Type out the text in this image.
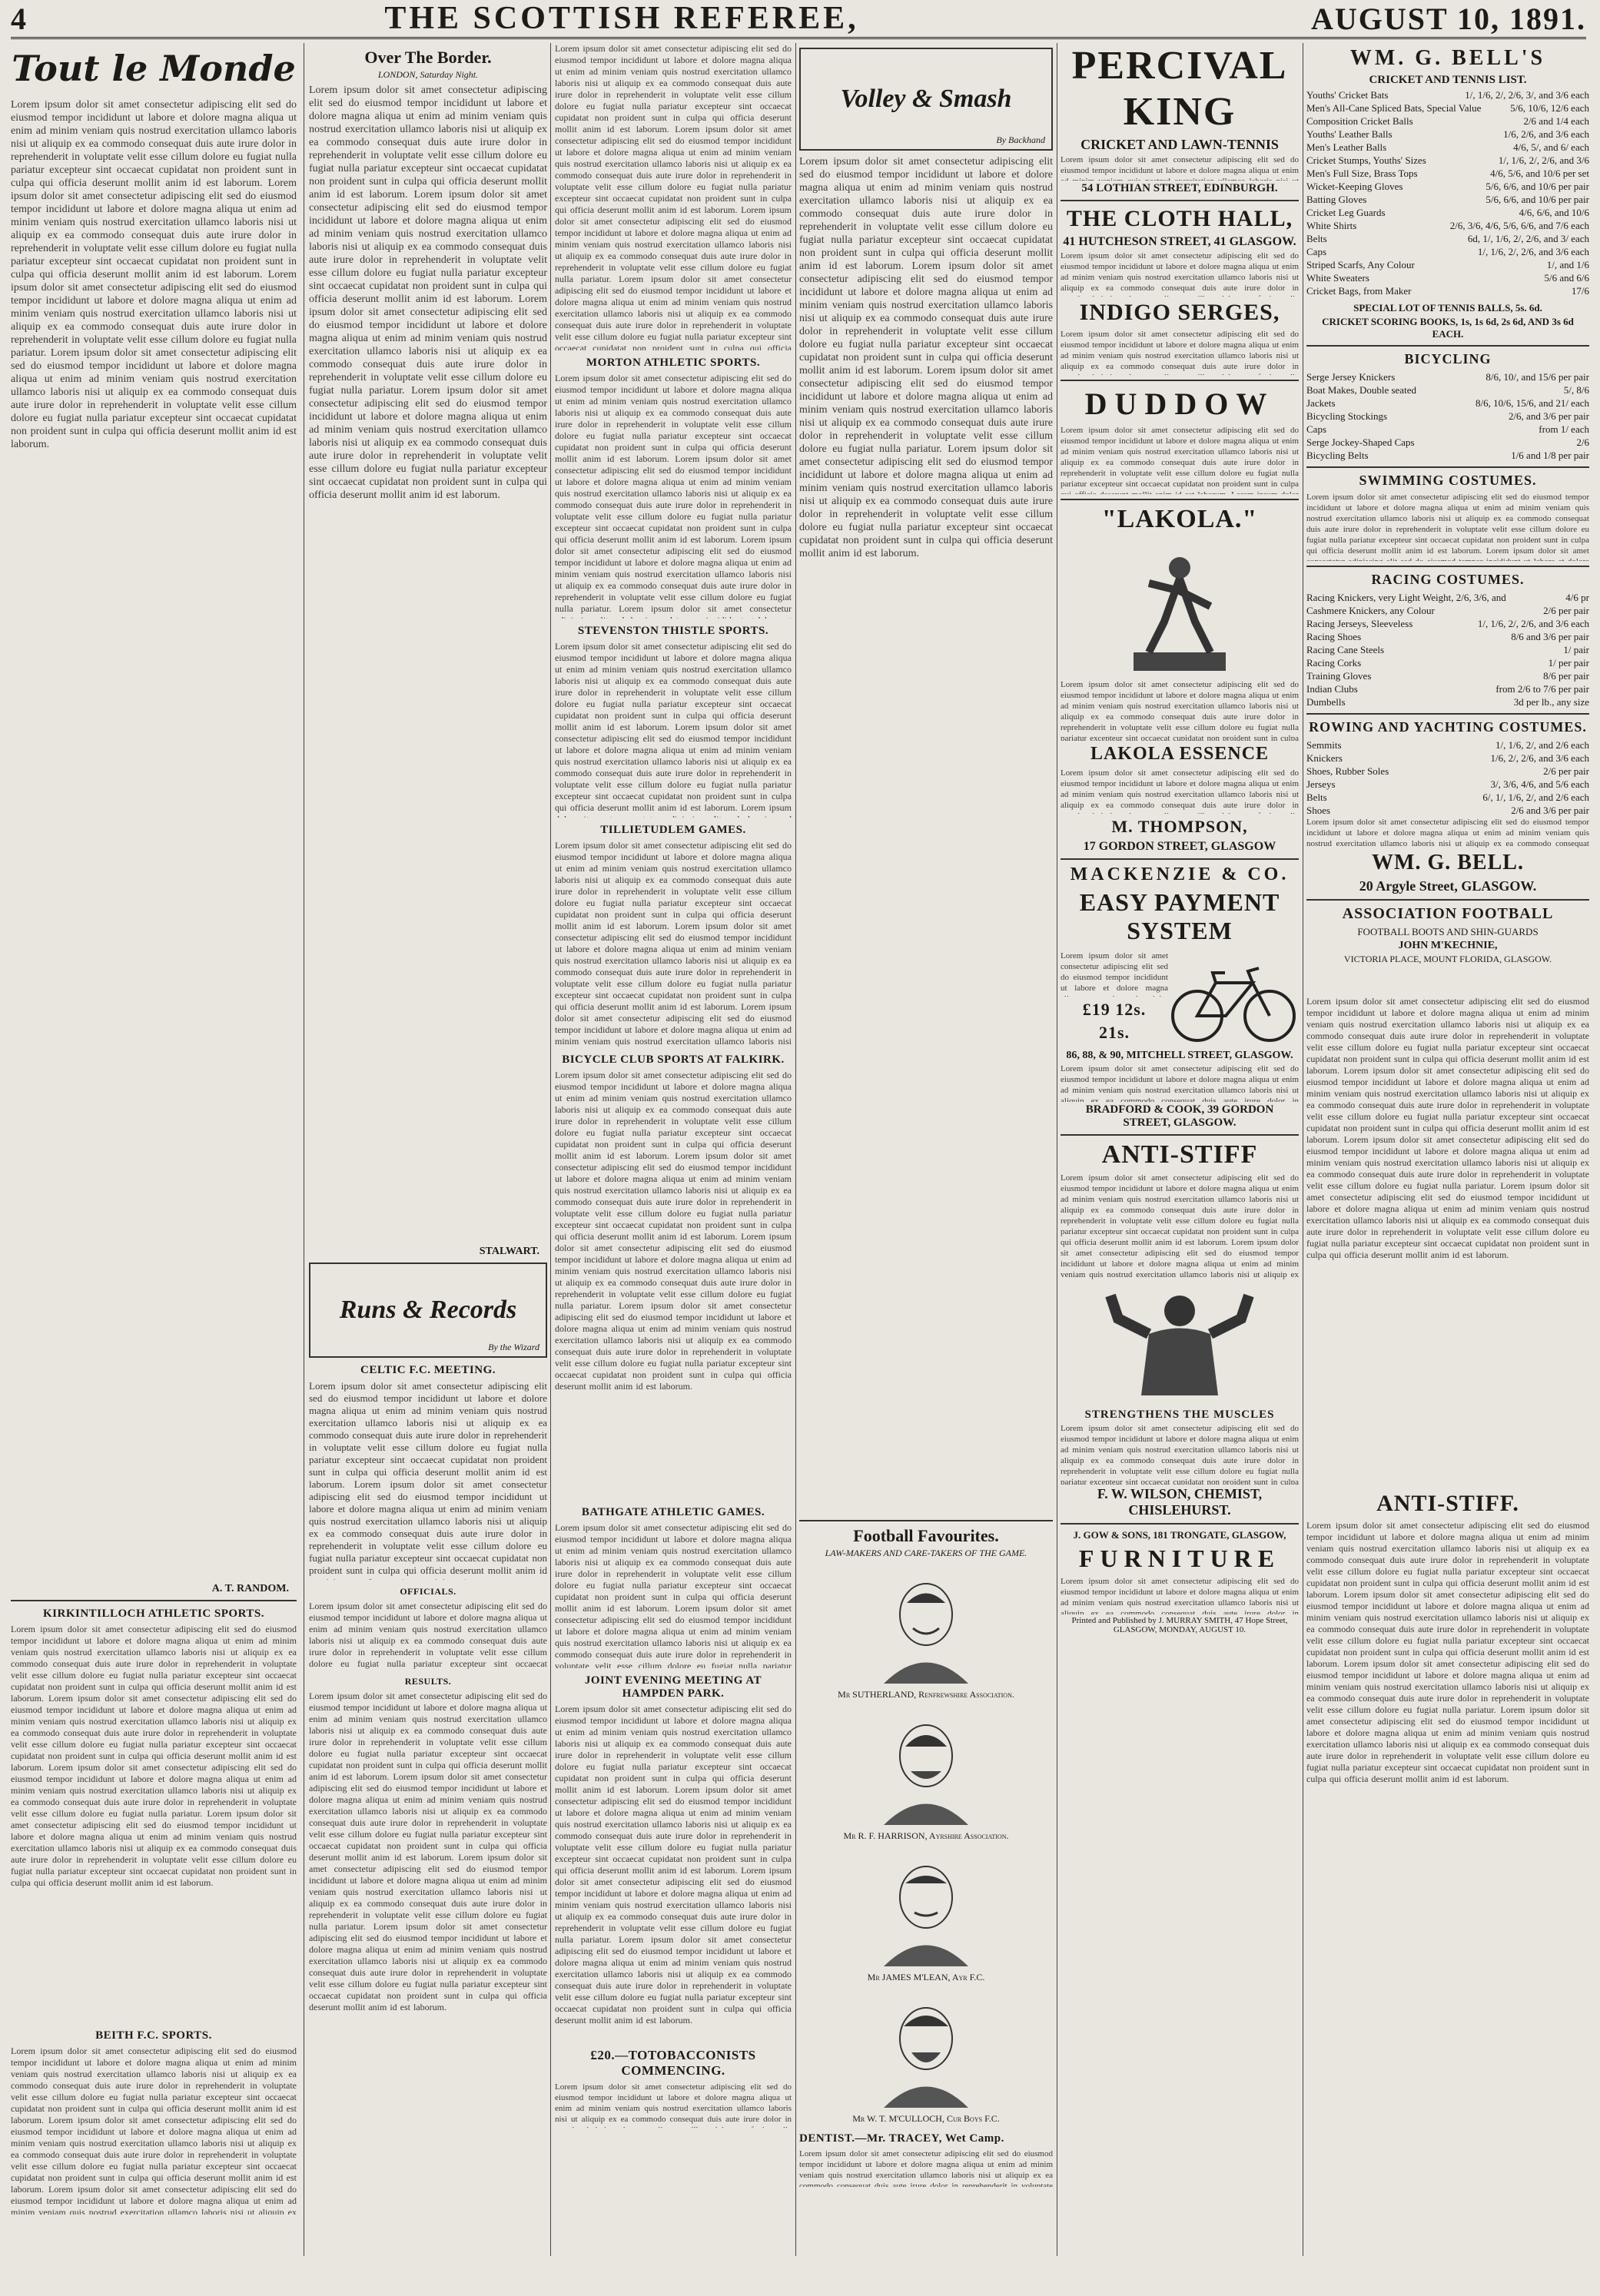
4	THE SCOTTISH REFEREE,	AUGUST 10, 1891.
Tout le Monde
Lorem ipsum dolor sit amet consectetur adipiscing elit sed do eiusmod tempor incididunt ut labore et dolore magna aliqua ut enim ad minim veniam quis nostrud exercitation ullamco laboris nisi ut aliquip ex ea commodo consequat duis aute irure dolor in reprehenderit in voluptate velit esse cillum dolore eu fugiat nulla pariatur excepteur sint occaecat cupidatat non proident sunt in culpa qui officia deserunt mollit anim id est laborum. Lorem ipsum dolor sit amet consectetur adipiscing elit sed do eiusmod tempor incididunt ut labore et dolore magna aliqua ut enim ad minim veniam quis nostrud exercitation ullamco laboris nisi ut aliquip ex ea commodo consequat duis aute irure dolor in reprehenderit in voluptate velit esse cillum dolore eu fugiat nulla pariatur excepteur sint occaecat cupidatat non proident sunt in culpa qui officia deserunt mollit anim id est laborum. Lorem ipsum dolor sit amet consectetur adipiscing elit sed do eiusmod tempor incididunt ut labore et dolore magna aliqua ut enim ad minim veniam quis nostrud exercitation ullamco laboris nisi ut aliquip ex ea commodo consequat duis aute irure dolor in reprehenderit in voluptate velit esse cillum dolore eu fugiat nulla pariatur. Lorem ipsum dolor sit amet consectetur adipiscing elit sed do eiusmod tempor incididunt ut labore et dolore magna aliqua ut enim ad minim veniam quis nostrud exercitation ullamco laboris nisi ut aliquip ex ea commodo consequat duis aute irure dolor in reprehenderit in voluptate velit esse cillum dolore eu fugiat nulla pariatur excepteur sint occaecat cupidatat non proident sunt in culpa qui officia deserunt mollit anim id est laborum.
A. T. RANDOM.
KIRKINTILLOCH ATHLETIC SPORTS.
Lorem ipsum dolor sit amet consectetur adipiscing elit sed do eiusmod tempor incididunt ut labore et dolore magna aliqua ut enim ad minim veniam quis nostrud exercitation ullamco laboris nisi ut aliquip ex ea commodo consequat duis aute irure dolor in reprehenderit in voluptate velit esse cillum dolore eu fugiat nulla pariatur excepteur sint occaecat cupidatat non proident sunt in culpa qui officia deserunt mollit anim id est laborum. Lorem ipsum dolor sit amet consectetur adipiscing elit sed do eiusmod tempor incididunt ut labore et dolore magna aliqua ut enim ad minim veniam quis nostrud exercitation ullamco laboris nisi ut aliquip ex ea commodo consequat duis aute irure dolor in reprehenderit in voluptate velit esse cillum dolore eu fugiat nulla pariatur excepteur sint occaecat cupidatat non proident sunt in culpa qui officia deserunt mollit anim id est laborum. Lorem ipsum dolor sit amet consectetur adipiscing elit sed do eiusmod tempor incididunt ut labore et dolore magna aliqua ut enim ad minim veniam quis nostrud exercitation ullamco laboris nisi ut aliquip ex ea commodo consequat duis aute irure dolor in reprehenderit in voluptate velit esse cillum dolore eu fugiat nulla pariatur. Lorem ipsum dolor sit amet consectetur adipiscing elit sed do eiusmod tempor incididunt ut labore et dolore magna aliqua ut enim ad minim veniam quis nostrud exercitation ullamco laboris nisi ut aliquip ex ea commodo consequat duis aute irure dolor in reprehenderit in voluptate velit esse cillum dolore eu fugiat nulla pariatur excepteur sint occaecat cupidatat non proident sunt in culpa qui officia deserunt mollit anim id est laborum.
BEITH F.C. SPORTS.
Lorem ipsum dolor sit amet consectetur adipiscing elit sed do eiusmod tempor incididunt ut labore et dolore magna aliqua ut enim ad minim veniam quis nostrud exercitation ullamco laboris nisi ut aliquip ex ea commodo consequat duis aute irure dolor in reprehenderit in voluptate velit esse cillum dolore eu fugiat nulla pariatur excepteur sint occaecat cupidatat non proident sunt in culpa qui officia deserunt mollit anim id est laborum. Lorem ipsum dolor sit amet consectetur adipiscing elit sed do eiusmod tempor incididunt ut labore et dolore magna aliqua ut enim ad minim veniam quis nostrud exercitation ullamco laboris nisi ut aliquip ex ea commodo consequat duis aute irure dolor in reprehenderit in voluptate velit esse cillum dolore eu fugiat nulla pariatur excepteur sint occaecat cupidatat non proident sunt in culpa qui officia deserunt mollit anim id est laborum. Lorem ipsum dolor sit amet consectetur adipiscing elit sed do eiusmod tempor incididunt ut labore et dolore magna aliqua ut enim ad minim veniam quis nostrud exercitation ullamco laboris nisi ut aliquip ex ea commodo consequat duis aute irure dolor in reprehenderit in voluptate velit esse cillum dolore eu fugiat nulla pariatur. Lorem ipsum dolor sit amet consectetur adipiscing elit sed do eiusmod tempor incididunt ut labore et dolore magna aliqua ut enim ad minim veniam quis nostrud exercitation ullamco laboris nisi ut aliquip ex ea commodo consequat duis aute irure dolor in reprehenderit in voluptate velit esse cillum dolore eu fugiat nulla pariatur excepteur sint occaecat cupidatat non proident sunt in culpa qui officia deserunt mollit anim id est laborum.
Over The Border.
LONDON, Saturday Night.
Lorem ipsum dolor sit amet consectetur adipiscing elit sed do eiusmod tempor incididunt ut labore et dolore magna aliqua ut enim ad minim veniam quis nostrud exercitation ullamco laboris nisi ut aliquip ex ea commodo consequat duis aute irure dolor in reprehenderit in voluptate velit esse cillum dolore eu fugiat nulla pariatur excepteur sint occaecat cupidatat non proident sunt in culpa qui officia deserunt mollit anim id est laborum. Lorem ipsum dolor sit amet consectetur adipiscing elit sed do eiusmod tempor incididunt ut labore et dolore magna aliqua ut enim ad minim veniam quis nostrud exercitation ullamco laboris nisi ut aliquip ex ea commodo consequat duis aute irure dolor in reprehenderit in voluptate velit esse cillum dolore eu fugiat nulla pariatur excepteur sint occaecat cupidatat non proident sunt in culpa qui officia deserunt mollit anim id est laborum. Lorem ipsum dolor sit amet consectetur adipiscing elit sed do eiusmod tempor incididunt ut labore et dolore magna aliqua ut enim ad minim veniam quis nostrud exercitation ullamco laboris nisi ut aliquip ex ea commodo consequat duis aute irure dolor in reprehenderit in voluptate velit esse cillum dolore eu fugiat nulla pariatur. Lorem ipsum dolor sit amet consectetur adipiscing elit sed do eiusmod tempor incididunt ut labore et dolore magna aliqua ut enim ad minim veniam quis nostrud exercitation ullamco laboris nisi ut aliquip ex ea commodo consequat duis aute irure dolor in reprehenderit in voluptate velit esse cillum dolore eu fugiat nulla pariatur excepteur sint occaecat cupidatat non proident sunt in culpa qui officia deserunt mollit anim id est laborum.
STALWART.
Runs & Records
By the Wizard
CELTIC F.C. MEETING.
Lorem ipsum dolor sit amet consectetur adipiscing elit sed do eiusmod tempor incididunt ut labore et dolore magna aliqua ut enim ad minim veniam quis nostrud exercitation ullamco laboris nisi ut aliquip ex ea commodo consequat duis aute irure dolor in reprehenderit in voluptate velit esse cillum dolore eu fugiat nulla pariatur excepteur sint occaecat cupidatat non proident sunt in culpa qui officia deserunt mollit anim id est laborum. Lorem ipsum dolor sit amet consectetur adipiscing elit sed do eiusmod tempor incididunt ut labore et dolore magna aliqua ut enim ad minim veniam quis nostrud exercitation ullamco laboris nisi ut aliquip ex ea commodo consequat duis aute irure dolor in reprehenderit in voluptate velit esse cillum dolore eu fugiat nulla pariatur excepteur sint occaecat cupidatat non proident sunt in culpa qui officia deserunt mollit anim id est laborum. Lorem ipsum dolor sit amet consectetur adipiscing elit sed do eiusmod tempor incididunt ut labore et dolore magna aliqua ut enim ad minim veniam quis nostrud exercitation ullamco laboris nisi ut aliquip ex ea commodo consequat duis aute irure dolor in reprehenderit in voluptate velit esse cillum dolore eu fugiat nulla pariatur. Lorem ipsum dolor sit amet consectetur adipiscing elit sed do eiusmod tempor incididunt ut labore et dolore magna aliqua ut enim ad minim veniam quis nostrud exercitation ullamco laboris nisi ut aliquip ex ea commodo consequat duis aute irure dolor in reprehenderit in voluptate velit esse cillum dolore eu fugiat nulla pariatur excepteur sint occaecat cupidatat non proident sunt in culpa qui officia deserunt mollit anim id est laborum.
OFFICIALS.
Lorem ipsum dolor sit amet consectetur adipiscing elit sed do eiusmod tempor incididunt ut labore et dolore magna aliqua ut enim ad minim veniam quis nostrud exercitation ullamco laboris nisi ut aliquip ex ea commodo consequat duis aute irure dolor in reprehenderit in voluptate velit esse cillum dolore eu fugiat nulla pariatur excepteur sint occaecat cupidatat non proident sunt in culpa qui officia deserunt mollit anim id est laborum. Lorem ipsum dolor sit amet consectetur adipiscing elit sed do eiusmod tempor incididunt ut labore et dolore magna aliqua ut enim ad minim veniam quis nostrud exercitation ullamco laboris nisi ut aliquip ex ea commodo consequat duis aute irure dolor in reprehenderit in voluptate velit esse cillum dolore eu fugiat nulla pariatur excepteur sint occaecat cupidatat non proident sunt in culpa qui officia deserunt mollit anim id est laborum. Lorem ipsum dolor sit amet consectetur adipiscing elit sed do eiusmod tempor incididunt ut labore et dolore magna aliqua ut enim ad minim veniam quis nostrud exercitation ullamco laboris nisi ut aliquip ex ea commodo consequat duis aute irure dolor in reprehenderit in voluptate velit esse cillum dolore eu fugiat nulla pariatur. Lorem ipsum dolor sit amet consectetur adipiscing elit sed do eiusmod tempor incididunt ut labore et dolore magna aliqua ut enim ad minim veniam quis nostrud exercitation ullamco laboris nisi ut aliquip ex ea commodo consequat duis aute irure dolor in reprehenderit in voluptate velit esse cillum dolore eu fugiat nulla pariatur excepteur sint occaecat cupidatat non proident sunt in culpa qui officia deserunt mollit anim id est laborum.
RESULTS.
Lorem ipsum dolor sit amet consectetur adipiscing elit sed do eiusmod tempor incididunt ut labore et dolore magna aliqua ut enim ad minim veniam quis nostrud exercitation ullamco laboris nisi ut aliquip ex ea commodo consequat duis aute irure dolor in reprehenderit in voluptate velit esse cillum dolore eu fugiat nulla pariatur excepteur sint occaecat cupidatat non proident sunt in culpa qui officia deserunt mollit anim id est laborum. Lorem ipsum dolor sit amet consectetur adipiscing elit sed do eiusmod tempor incididunt ut labore et dolore magna aliqua ut enim ad minim veniam quis nostrud exercitation ullamco laboris nisi ut aliquip ex ea commodo consequat duis aute irure dolor in reprehenderit in voluptate velit esse cillum dolore eu fugiat nulla pariatur excepteur sint occaecat cupidatat non proident sunt in culpa qui officia deserunt mollit anim id est laborum. Lorem ipsum dolor sit amet consectetur adipiscing elit sed do eiusmod tempor incididunt ut labore et dolore magna aliqua ut enim ad minim veniam quis nostrud exercitation ullamco laboris nisi ut aliquip ex ea commodo consequat duis aute irure dolor in reprehenderit in voluptate velit esse cillum dolore eu fugiat nulla pariatur. Lorem ipsum dolor sit amet consectetur adipiscing elit sed do eiusmod tempor incididunt ut labore et dolore magna aliqua ut enim ad minim veniam quis nostrud exercitation ullamco laboris nisi ut aliquip ex ea commodo consequat duis aute irure dolor in reprehenderit in voluptate velit esse cillum dolore eu fugiat nulla pariatur excepteur sint occaecat cupidatat non proident sunt in culpa qui officia deserunt mollit anim id est laborum.
Lorem ipsum dolor sit amet consectetur adipiscing elit sed do eiusmod tempor incididunt ut labore et dolore magna aliqua ut enim ad minim veniam quis nostrud exercitation ullamco laboris nisi ut aliquip ex ea commodo consequat duis aute irure dolor in reprehenderit in voluptate velit esse cillum dolore eu fugiat nulla pariatur excepteur sint occaecat cupidatat non proident sunt in culpa qui officia deserunt mollit anim id est laborum. Lorem ipsum dolor sit amet consectetur adipiscing elit sed do eiusmod tempor incididunt ut labore et dolore magna aliqua ut enim ad minim veniam quis nostrud exercitation ullamco laboris nisi ut aliquip ex ea commodo consequat duis aute irure dolor in reprehenderit in voluptate velit esse cillum dolore eu fugiat nulla pariatur excepteur sint occaecat cupidatat non proident sunt in culpa qui officia deserunt mollit anim id est laborum. Lorem ipsum dolor sit amet consectetur adipiscing elit sed do eiusmod tempor incididunt ut labore et dolore magna aliqua ut enim ad minim veniam quis nostrud exercitation ullamco laboris nisi ut aliquip ex ea commodo consequat duis aute irure dolor in reprehenderit in voluptate velit esse cillum dolore eu fugiat nulla pariatur. Lorem ipsum dolor sit amet consectetur adipiscing elit sed do eiusmod tempor incididunt ut labore et dolore magna aliqua ut enim ad minim veniam quis nostrud exercitation ullamco laboris nisi ut aliquip ex ea commodo consequat duis aute irure dolor in reprehenderit in voluptate velit esse cillum dolore eu fugiat nulla pariatur excepteur sint occaecat cupidatat non proident sunt in culpa qui officia deserunt mollit anim id est laborum.
MORTON ATHLETIC SPORTS.
Lorem ipsum dolor sit amet consectetur adipiscing elit sed do eiusmod tempor incididunt ut labore et dolore magna aliqua ut enim ad minim veniam quis nostrud exercitation ullamco laboris nisi ut aliquip ex ea commodo consequat duis aute irure dolor in reprehenderit in voluptate velit esse cillum dolore eu fugiat nulla pariatur excepteur sint occaecat cupidatat non proident sunt in culpa qui officia deserunt mollit anim id est laborum. Lorem ipsum dolor sit amet consectetur adipiscing elit sed do eiusmod tempor incididunt ut labore et dolore magna aliqua ut enim ad minim veniam quis nostrud exercitation ullamco laboris nisi ut aliquip ex ea commodo consequat duis aute irure dolor in reprehenderit in voluptate velit esse cillum dolore eu fugiat nulla pariatur excepteur sint occaecat cupidatat non proident sunt in culpa qui officia deserunt mollit anim id est laborum. Lorem ipsum dolor sit amet consectetur adipiscing elit sed do eiusmod tempor incididunt ut labore et dolore magna aliqua ut enim ad minim veniam quis nostrud exercitation ullamco laboris nisi ut aliquip ex ea commodo consequat duis aute irure dolor in reprehenderit in voluptate velit esse cillum dolore eu fugiat nulla pariatur. Lorem ipsum dolor sit amet consectetur adipiscing elit sed do eiusmod tempor incididunt ut labore et dolore magna aliqua ut enim ad minim veniam quis nostrud exercitation ullamco laboris nisi ut aliquip ex ea commodo consequat duis aute irure dolor in reprehenderit in voluptate velit esse cillum dolore eu fugiat nulla pariatur excepteur sint occaecat cupidatat non proident sunt in culpa qui officia deserunt mollit anim id est laborum.
STEVENSTON THISTLE SPORTS.
Lorem ipsum dolor sit amet consectetur adipiscing elit sed do eiusmod tempor incididunt ut labore et dolore magna aliqua ut enim ad minim veniam quis nostrud exercitation ullamco laboris nisi ut aliquip ex ea commodo consequat duis aute irure dolor in reprehenderit in voluptate velit esse cillum dolore eu fugiat nulla pariatur excepteur sint occaecat cupidatat non proident sunt in culpa qui officia deserunt mollit anim id est laborum. Lorem ipsum dolor sit amet consectetur adipiscing elit sed do eiusmod tempor incididunt ut labore et dolore magna aliqua ut enim ad minim veniam quis nostrud exercitation ullamco laboris nisi ut aliquip ex ea commodo consequat duis aute irure dolor in reprehenderit in voluptate velit esse cillum dolore eu fugiat nulla pariatur excepteur sint occaecat cupidatat non proident sunt in culpa qui officia deserunt mollit anim id est laborum. Lorem ipsum dolor sit amet consectetur adipiscing elit sed do eiusmod tempor incididunt ut labore et dolore magna aliqua ut enim ad minim veniam quis nostrud exercitation ullamco laboris nisi ut aliquip ex ea commodo consequat duis aute irure dolor in reprehenderit in voluptate velit esse cillum dolore eu fugiat nulla pariatur. Lorem ipsum dolor sit amet consectetur adipiscing elit sed do eiusmod tempor incididunt ut labore et dolore magna aliqua ut enim ad minim veniam quis nostrud exercitation ullamco laboris nisi ut aliquip ex ea commodo consequat duis aute irure dolor in reprehenderit in voluptate velit esse cillum dolore eu fugiat nulla pariatur excepteur sint occaecat cupidatat non proident sunt in culpa qui officia deserunt mollit anim id est laborum.
TILLIETUDLEM GAMES.
Lorem ipsum dolor sit amet consectetur adipiscing elit sed do eiusmod tempor incididunt ut labore et dolore magna aliqua ut enim ad minim veniam quis nostrud exercitation ullamco laboris nisi ut aliquip ex ea commodo consequat duis aute irure dolor in reprehenderit in voluptate velit esse cillum dolore eu fugiat nulla pariatur excepteur sint occaecat cupidatat non proident sunt in culpa qui officia deserunt mollit anim id est laborum. Lorem ipsum dolor sit amet consectetur adipiscing elit sed do eiusmod tempor incididunt ut labore et dolore magna aliqua ut enim ad minim veniam quis nostrud exercitation ullamco laboris nisi ut aliquip ex ea commodo consequat duis aute irure dolor in reprehenderit in voluptate velit esse cillum dolore eu fugiat nulla pariatur excepteur sint occaecat cupidatat non proident sunt in culpa qui officia deserunt mollit anim id est laborum. Lorem ipsum dolor sit amet consectetur adipiscing elit sed do eiusmod tempor incididunt ut labore et dolore magna aliqua ut enim ad minim veniam quis nostrud exercitation ullamco laboris nisi ut aliquip ex ea commodo consequat duis aute irure dolor in reprehenderit in voluptate velit esse cillum dolore eu fugiat nulla pariatur. Lorem ipsum dolor sit amet consectetur adipiscing elit sed do eiusmod tempor incididunt ut labore et dolore magna aliqua ut enim ad minim veniam quis nostrud exercitation ullamco laboris nisi ut aliquip ex ea commodo consequat duis aute irure dolor in reprehenderit in voluptate velit esse cillum dolore eu fugiat nulla pariatur excepteur sint occaecat cupidatat non proident sunt in culpa qui officia deserunt mollit anim id est laborum.
BICYCLE CLUB SPORTS AT FALKIRK.
Lorem ipsum dolor sit amet consectetur adipiscing elit sed do eiusmod tempor incididunt ut labore et dolore magna aliqua ut enim ad minim veniam quis nostrud exercitation ullamco laboris nisi ut aliquip ex ea commodo consequat duis aute irure dolor in reprehenderit in voluptate velit esse cillum dolore eu fugiat nulla pariatur excepteur sint occaecat cupidatat non proident sunt in culpa qui officia deserunt mollit anim id est laborum. Lorem ipsum dolor sit amet consectetur adipiscing elit sed do eiusmod tempor incididunt ut labore et dolore magna aliqua ut enim ad minim veniam quis nostrud exercitation ullamco laboris nisi ut aliquip ex ea commodo consequat duis aute irure dolor in reprehenderit in voluptate velit esse cillum dolore eu fugiat nulla pariatur excepteur sint occaecat cupidatat non proident sunt in culpa qui officia deserunt mollit anim id est laborum. Lorem ipsum dolor sit amet consectetur adipiscing elit sed do eiusmod tempor incididunt ut labore et dolore magna aliqua ut enim ad minim veniam quis nostrud exercitation ullamco laboris nisi ut aliquip ex ea commodo consequat duis aute irure dolor in reprehenderit in voluptate velit esse cillum dolore eu fugiat nulla pariatur. Lorem ipsum dolor sit amet consectetur adipiscing elit sed do eiusmod tempor incididunt ut labore et dolore magna aliqua ut enim ad minim veniam quis nostrud exercitation ullamco laboris nisi ut aliquip ex ea commodo consequat duis aute irure dolor in reprehenderit in voluptate velit esse cillum dolore eu fugiat nulla pariatur excepteur sint occaecat cupidatat non proident sunt in culpa qui officia deserunt mollit anim id est laborum.
BATHGATE ATHLETIC GAMES.
Lorem ipsum dolor sit amet consectetur adipiscing elit sed do eiusmod tempor incididunt ut labore et dolore magna aliqua ut enim ad minim veniam quis nostrud exercitation ullamco laboris nisi ut aliquip ex ea commodo consequat duis aute irure dolor in reprehenderit in voluptate velit esse cillum dolore eu fugiat nulla pariatur excepteur sint occaecat cupidatat non proident sunt in culpa qui officia deserunt mollit anim id est laborum. Lorem ipsum dolor sit amet consectetur adipiscing elit sed do eiusmod tempor incididunt ut labore et dolore magna aliqua ut enim ad minim veniam quis nostrud exercitation ullamco laboris nisi ut aliquip ex ea commodo consequat duis aute irure dolor in reprehenderit in voluptate velit esse cillum dolore eu fugiat nulla pariatur excepteur sint occaecat cupidatat non proident sunt in culpa qui officia deserunt mollit anim id est laborum. Lorem ipsum dolor sit amet consectetur adipiscing elit sed do eiusmod tempor incididunt ut labore et dolore magna aliqua ut enim ad minim veniam quis nostrud exercitation ullamco laboris nisi ut aliquip ex ea commodo consequat duis aute irure dolor in reprehenderit in voluptate velit esse cillum dolore eu fugiat nulla pariatur. Lorem ipsum dolor sit amet consectetur adipiscing elit sed do eiusmod tempor incididunt ut labore et dolore magna aliqua ut enim ad minim veniam quis nostrud exercitation ullamco laboris nisi ut aliquip ex ea commodo consequat duis aute irure dolor in reprehenderit in voluptate velit esse cillum dolore eu fugiat nulla pariatur excepteur sint occaecat cupidatat non proident sunt in culpa qui officia deserunt mollit anim id est laborum.
JOINT EVENING MEETING AT HAMPDEN PARK.
Lorem ipsum dolor sit amet consectetur adipiscing elit sed do eiusmod tempor incididunt ut labore et dolore magna aliqua ut enim ad minim veniam quis nostrud exercitation ullamco laboris nisi ut aliquip ex ea commodo consequat duis aute irure dolor in reprehenderit in voluptate velit esse cillum dolore eu fugiat nulla pariatur excepteur sint occaecat cupidatat non proident sunt in culpa qui officia deserunt mollit anim id est laborum. Lorem ipsum dolor sit amet consectetur adipiscing elit sed do eiusmod tempor incididunt ut labore et dolore magna aliqua ut enim ad minim veniam quis nostrud exercitation ullamco laboris nisi ut aliquip ex ea commodo consequat duis aute irure dolor in reprehenderit in voluptate velit esse cillum dolore eu fugiat nulla pariatur excepteur sint occaecat cupidatat non proident sunt in culpa qui officia deserunt mollit anim id est laborum. Lorem ipsum dolor sit amet consectetur adipiscing elit sed do eiusmod tempor incididunt ut labore et dolore magna aliqua ut enim ad minim veniam quis nostrud exercitation ullamco laboris nisi ut aliquip ex ea commodo consequat duis aute irure dolor in reprehenderit in voluptate velit esse cillum dolore eu fugiat nulla pariatur. Lorem ipsum dolor sit amet consectetur adipiscing elit sed do eiusmod tempor incididunt ut labore et dolore magna aliqua ut enim ad minim veniam quis nostrud exercitation ullamco laboris nisi ut aliquip ex ea commodo consequat duis aute irure dolor in reprehenderit in voluptate velit esse cillum dolore eu fugiat nulla pariatur excepteur sint occaecat cupidatat non proident sunt in culpa qui officia deserunt mollit anim id est laborum.
£20.—TOTOBACCONISTS COMMENCING.
Lorem ipsum dolor sit amet consectetur adipiscing elit sed do eiusmod tempor incididunt ut labore et dolore magna aliqua ut enim ad minim veniam quis nostrud exercitation ullamco laboris nisi ut aliquip ex ea commodo consequat duis aute irure dolor in reprehenderit in voluptate velit esse cillum dolore eu fugiat nulla pariatur excepteur sint occaecat cupidatat non proident sunt in culpa qui officia deserunt mollit anim id est laborum. Lorem ipsum dolor sit amet consectetur adipiscing elit sed do eiusmod tempor incididunt ut labore et dolore magna aliqua ut enim ad minim veniam quis nostrud exercitation ullamco laboris nisi ut aliquip ex ea commodo consequat duis aute irure dolor in reprehenderit in voluptate velit esse cillum dolore eu fugiat nulla pariatur excepteur sint occaecat cupidatat non proident sunt in culpa qui officia deserunt mollit anim id est laborum. Lorem ipsum dolor sit amet consectetur adipiscing elit sed do eiusmod tempor incididunt ut labore et dolore magna aliqua ut enim ad minim veniam quis nostrud exercitation ullamco laboris nisi ut aliquip ex ea commodo consequat duis aute irure dolor in reprehenderit in voluptate velit esse cillum dolore eu fugiat nulla pariatur. Lorem ipsum dolor sit amet consectetur adipiscing elit sed do eiusmod tempor incididunt ut labore et dolore magna aliqua ut enim ad minim veniam quis nostrud exercitation ullamco laboris nisi ut aliquip ex ea commodo consequat duis aute irure dolor in reprehenderit in voluptate velit esse cillum dolore eu fugiat nulla pariatur excepteur sint occaecat cupidatat non proident sunt in culpa qui officia deserunt mollit anim id est laborum.
Volley & Smash
By Backhand
Lorem ipsum dolor sit amet consectetur adipiscing elit sed do eiusmod tempor incididunt ut labore et dolore magna aliqua ut enim ad minim veniam quis nostrud exercitation ullamco laboris nisi ut aliquip ex ea commodo consequat duis aute irure dolor in reprehenderit in voluptate velit esse cillum dolore eu fugiat nulla pariatur excepteur sint occaecat cupidatat non proident sunt in culpa qui officia deserunt mollit anim id est laborum. Lorem ipsum dolor sit amet consectetur adipiscing elit sed do eiusmod tempor incididunt ut labore et dolore magna aliqua ut enim ad minim veniam quis nostrud exercitation ullamco laboris nisi ut aliquip ex ea commodo consequat duis aute irure dolor in reprehenderit in voluptate velit esse cillum dolore eu fugiat nulla pariatur excepteur sint occaecat cupidatat non proident sunt in culpa qui officia deserunt mollit anim id est laborum. Lorem ipsum dolor sit amet consectetur adipiscing elit sed do eiusmod tempor incididunt ut labore et dolore magna aliqua ut enim ad minim veniam quis nostrud exercitation ullamco laboris nisi ut aliquip ex ea commodo consequat duis aute irure dolor in reprehenderit in voluptate velit esse cillum dolore eu fugiat nulla pariatur. Lorem ipsum dolor sit amet consectetur adipiscing elit sed do eiusmod tempor incididunt ut labore et dolore magna aliqua ut enim ad minim veniam quis nostrud exercitation ullamco laboris nisi ut aliquip ex ea commodo consequat duis aute irure dolor in reprehenderit in voluptate velit esse cillum dolore eu fugiat nulla pariatur excepteur sint occaecat cupidatat non proident sunt in culpa qui officia deserunt mollit anim id est laborum.
Football Favourites.
LAW-MAKERS AND CARE-TAKERS OF THE GAME.
Mr SUTHERLAND, Renfrewshire Association.
Mr R. F. HARRISON, Ayrshire Association.
Mr JAMES M'LEAN, Ayr F.C.
Mr W. T. M'CULLOCH, Cur Boys F.C.
DENTIST.—Mr. TRACEY, Wet Camp.
Lorem ipsum dolor sit amet consectetur adipiscing elit sed do eiusmod tempor incididunt ut labore et dolore magna aliqua ut enim ad minim veniam quis nostrud exercitation ullamco laboris nisi ut aliquip ex ea commodo consequat duis aute irure dolor in reprehenderit in voluptate velit esse cillum dolore eu fugiat nulla pariatur excepteur sint occaecat cupidatat non proident sunt in culpa qui officia deserunt mollit anim id est laborum. Lorem ipsum dolor sit amet consectetur adipiscing elit sed do eiusmod tempor incididunt ut labore et dolore magna aliqua ut enim ad minim veniam quis nostrud exercitation ullamco laboris nisi ut aliquip ex ea commodo consequat duis aute irure dolor in reprehenderit in voluptate velit esse cillum dolore eu fugiat nulla pariatur excepteur sint occaecat cupidatat non proident sunt in culpa qui officia deserunt mollit anim id est laborum. Lorem ipsum dolor sit amet consectetur adipiscing elit sed do eiusmod tempor incididunt ut labore et dolore magna aliqua ut enim ad minim veniam quis nostrud exercitation ullamco laboris nisi ut aliquip ex ea commodo consequat duis aute irure dolor in reprehenderit in voluptate velit esse cillum dolore eu fugiat nulla pariatur. Lorem ipsum dolor sit amet consectetur adipiscing elit sed do eiusmod tempor incididunt ut labore et dolore magna aliqua ut enim ad minim veniam quis nostrud exercitation ullamco laboris nisi ut aliquip ex ea commodo consequat duis aute irure dolor in reprehenderit in voluptate velit esse cillum dolore eu fugiat nulla pariatur excepteur sint occaecat cupidatat non proident sunt in culpa qui officia deserunt mollit anim id est laborum.
PERCIVAL KING
CRICKET AND LAWN-TENNIS
Lorem ipsum dolor sit amet consectetur adipiscing elit sed do eiusmod tempor incididunt ut labore et dolore magna aliqua ut enim ad minim veniam quis nostrud exercitation ullamco laboris nisi ut aliquip ex ea commodo consequat duis aute irure dolor in reprehenderit in voluptate velit esse cillum dolore eu fugiat nulla pariatur excepteur sint occaecat cupidatat non proident sunt in culpa qui officia deserunt mollit anim id est laborum. Lorem ipsum dolor sit amet consectetur adipiscing elit sed do eiusmod tempor incididunt ut labore et dolore magna aliqua ut enim ad minim veniam quis nostrud exercitation ullamco laboris nisi ut aliquip ex ea commodo consequat duis aute irure dolor in reprehenderit in voluptate velit esse cillum dolore eu fugiat nulla pariatur excepteur sint occaecat cupidatat non proident sunt in culpa qui officia deserunt mollit anim id est laborum. Lorem ipsum dolor sit amet consectetur adipiscing elit sed do eiusmod tempor incididunt ut labore et dolore magna aliqua ut enim ad minim veniam quis nostrud exercitation ullamco laboris nisi ut aliquip ex ea commodo consequat duis aute irure dolor in reprehenderit in voluptate velit esse cillum dolore eu fugiat nulla pariatur. Lorem ipsum dolor sit amet consectetur adipiscing elit sed do eiusmod tempor incididunt ut labore et dolore magna aliqua ut enim ad minim veniam quis nostrud exercitation ullamco laboris nisi ut aliquip ex ea commodo consequat duis aute irure dolor in reprehenderit in voluptate velit esse cillum dolore eu fugiat nulla pariatur excepteur sint occaecat cupidatat non proident sunt in culpa qui officia deserunt mollit anim id est laborum.
54 LOTHIAN STREET, EDINBURGH.
THE CLOTH HALL,
41 HUTCHESON STREET, 41 GLASGOW.
Lorem ipsum dolor sit amet consectetur adipiscing elit sed do eiusmod tempor incididunt ut labore et dolore magna aliqua ut enim ad minim veniam quis nostrud exercitation ullamco laboris nisi ut aliquip ex ea commodo consequat duis aute irure dolor in reprehenderit in voluptate velit esse cillum dolore eu fugiat nulla pariatur excepteur sint occaecat cupidatat non proident sunt in culpa qui officia deserunt mollit anim id est laborum. Lorem ipsum dolor sit amet consectetur adipiscing elit sed do eiusmod tempor incididunt ut labore et dolore magna aliqua ut enim ad minim veniam quis nostrud exercitation ullamco laboris nisi ut aliquip ex ea commodo consequat duis aute irure dolor in reprehenderit in voluptate velit esse cillum dolore eu fugiat nulla pariatur excepteur sint occaecat cupidatat non proident sunt in culpa qui officia deserunt mollit anim id est laborum. Lorem ipsum dolor sit amet consectetur adipiscing elit sed do eiusmod tempor incididunt ut labore et dolore magna aliqua ut enim ad minim veniam quis nostrud exercitation ullamco laboris nisi ut aliquip ex ea commodo consequat duis aute irure dolor in reprehenderit in voluptate velit esse cillum dolore eu fugiat nulla pariatur. Lorem ipsum dolor sit amet consectetur adipiscing elit sed do eiusmod tempor incididunt ut labore et dolore magna aliqua ut enim ad minim veniam quis nostrud exercitation ullamco laboris nisi ut aliquip ex ea commodo consequat duis aute irure dolor in reprehenderit in voluptate velit esse cillum dolore eu fugiat nulla pariatur excepteur sint occaecat cupidatat non proident sunt in culpa qui officia deserunt mollit anim id est laborum.
INDIGO SERGES,
Lorem ipsum dolor sit amet consectetur adipiscing elit sed do eiusmod tempor incididunt ut labore et dolore magna aliqua ut enim ad minim veniam quis nostrud exercitation ullamco laboris nisi ut aliquip ex ea commodo consequat duis aute irure dolor in reprehenderit in voluptate velit esse cillum dolore eu fugiat nulla pariatur excepteur sint occaecat cupidatat non proident sunt in culpa qui officia deserunt mollit anim id est laborum. Lorem ipsum dolor sit amet consectetur adipiscing elit sed do eiusmod tempor incididunt ut labore et dolore magna aliqua ut enim ad minim veniam quis nostrud exercitation ullamco laboris nisi ut aliquip ex ea commodo consequat duis aute irure dolor in reprehenderit in voluptate velit esse cillum dolore eu fugiat nulla pariatur excepteur sint occaecat cupidatat non proident sunt in culpa qui officia deserunt mollit anim id est laborum. Lorem ipsum dolor sit amet consectetur adipiscing elit sed do eiusmod tempor incididunt ut labore et dolore magna aliqua ut enim ad minim veniam quis nostrud exercitation ullamco laboris nisi ut aliquip ex ea commodo consequat duis aute irure dolor in reprehenderit in voluptate velit esse cillum dolore eu fugiat nulla pariatur. Lorem ipsum dolor sit amet consectetur adipiscing elit sed do eiusmod tempor incididunt ut labore et dolore magna aliqua ut enim ad minim veniam quis nostrud exercitation ullamco laboris nisi ut aliquip ex ea commodo consequat duis aute irure dolor in reprehenderit in voluptate velit esse cillum dolore eu fugiat nulla pariatur excepteur sint occaecat cupidatat non proident sunt in culpa qui officia deserunt mollit anim id est laborum.
DUDDOW
Lorem ipsum dolor sit amet consectetur adipiscing elit sed do eiusmod tempor incididunt ut labore et dolore magna aliqua ut enim ad minim veniam quis nostrud exercitation ullamco laboris nisi ut aliquip ex ea commodo consequat duis aute irure dolor in reprehenderit in voluptate velit esse cillum dolore eu fugiat nulla pariatur excepteur sint occaecat cupidatat non proident sunt in culpa qui officia deserunt mollit anim id est laborum. Lorem ipsum dolor sit amet consectetur adipiscing elit sed do eiusmod tempor incididunt ut labore et dolore magna aliqua ut enim ad minim veniam quis nostrud exercitation ullamco laboris nisi ut aliquip ex ea commodo consequat duis aute irure dolor in reprehenderit in voluptate velit esse cillum dolore eu fugiat nulla pariatur excepteur sint occaecat cupidatat non proident sunt in culpa qui officia deserunt mollit anim id est laborum. Lorem ipsum dolor sit amet consectetur adipiscing elit sed do eiusmod tempor incididunt ut labore et dolore magna aliqua ut enim ad minim veniam quis nostrud exercitation ullamco laboris nisi ut aliquip ex ea commodo consequat duis aute irure dolor in reprehenderit in voluptate velit esse cillum dolore eu fugiat nulla pariatur. Lorem ipsum dolor sit amet consectetur adipiscing elit sed do eiusmod tempor incididunt ut labore et dolore magna aliqua ut enim ad minim veniam quis nostrud exercitation ullamco laboris nisi ut aliquip ex ea commodo consequat duis aute irure dolor in reprehenderit in voluptate velit esse cillum dolore eu fugiat nulla pariatur excepteur sint occaecat cupidatat non proident sunt in culpa qui officia deserunt mollit anim id est laborum.
"LAKOLA."
Lorem ipsum dolor sit amet consectetur adipiscing elit sed do eiusmod tempor incididunt ut labore et dolore magna aliqua ut enim ad minim veniam quis nostrud exercitation ullamco laboris nisi ut aliquip ex ea commodo consequat duis aute irure dolor in reprehenderit in voluptate velit esse cillum dolore eu fugiat nulla pariatur excepteur sint occaecat cupidatat non proident sunt in culpa qui officia deserunt mollit anim id est laborum. Lorem ipsum dolor sit amet consectetur adipiscing elit sed do eiusmod tempor incididunt ut labore et dolore magna aliqua ut enim ad minim veniam quis nostrud exercitation ullamco laboris nisi ut aliquip ex ea commodo consequat duis aute irure dolor in reprehenderit in voluptate velit esse cillum dolore eu fugiat nulla pariatur excepteur sint occaecat cupidatat non proident sunt in culpa qui officia deserunt mollit anim id est laborum. Lorem ipsum dolor sit amet consectetur adipiscing elit sed do eiusmod tempor incididunt ut labore et dolore magna aliqua ut enim ad minim veniam quis nostrud exercitation ullamco laboris nisi ut aliquip ex ea commodo consequat duis aute irure dolor in reprehenderit in voluptate velit esse cillum dolore eu fugiat nulla pariatur. Lorem ipsum dolor sit amet consectetur adipiscing elit sed do eiusmod tempor incididunt ut labore et dolore magna aliqua ut enim ad minim veniam quis nostrud exercitation ullamco laboris nisi ut aliquip ex ea commodo consequat duis aute irure dolor in reprehenderit in voluptate velit esse cillum dolore eu fugiat nulla pariatur excepteur sint occaecat cupidatat non proident sunt in culpa qui officia deserunt mollit anim id est laborum.
LAKOLA ESSENCE
Lorem ipsum dolor sit amet consectetur adipiscing elit sed do eiusmod tempor incididunt ut labore et dolore magna aliqua ut enim ad minim veniam quis nostrud exercitation ullamco laboris nisi ut aliquip ex ea commodo consequat duis aute irure dolor in reprehenderit in voluptate velit esse cillum dolore eu fugiat nulla pariatur excepteur sint occaecat cupidatat non proident sunt in culpa qui officia deserunt mollit anim id est laborum. Lorem ipsum dolor sit amet consectetur adipiscing elit sed do eiusmod tempor incididunt ut labore et dolore magna aliqua ut enim ad minim veniam quis nostrud exercitation ullamco laboris nisi ut aliquip ex ea commodo consequat duis aute irure dolor in reprehenderit in voluptate velit esse cillum dolore eu fugiat nulla pariatur excepteur sint occaecat cupidatat non proident sunt in culpa qui officia deserunt mollit anim id est laborum. Lorem ipsum dolor sit amet consectetur adipiscing elit sed do eiusmod tempor incididunt ut labore et dolore magna aliqua ut enim ad minim veniam quis nostrud exercitation ullamco laboris nisi ut aliquip ex ea commodo consequat duis aute irure dolor in reprehenderit in voluptate velit esse cillum dolore eu fugiat nulla pariatur. Lorem ipsum dolor sit amet consectetur adipiscing elit sed do eiusmod tempor incididunt ut labore et dolore magna aliqua ut enim ad minim veniam quis nostrud exercitation ullamco laboris nisi ut aliquip ex ea commodo consequat duis aute irure dolor in reprehenderit in voluptate velit esse cillum dolore eu fugiat nulla pariatur excepteur sint occaecat cupidatat non proident sunt in culpa qui officia deserunt mollit anim id est laborum.
M. THOMPSON,
17 GORDON STREET, GLASGOW
MACKENZIE & CO.
EASY PAYMENT SYSTEM
Lorem ipsum dolor sit amet consectetur adipiscing elit sed do eiusmod tempor incididunt ut labore et dolore magna aliqua ut enim ad minim veniam quis nostrud exercitation ullamco laboris nisi ut aliquip ex ea commodo consequat duis aute irure dolor in reprehenderit in voluptate velit esse cillum dolore eu fugiat nulla pariatur excepteur sint occaecat cupidatat non proident sunt in culpa qui officia deserunt mollit anim id est laborum. Lorem ipsum dolor sit amet consectetur adipiscing elit sed do eiusmod tempor incididunt ut labore et dolore magna aliqua ut enim ad minim veniam quis nostrud exercitation ullamco laboris nisi ut aliquip ex ea commodo consequat duis aute irure dolor in reprehenderit in voluptate velit esse cillum dolore eu fugiat nulla pariatur excepteur sint occaecat cupidatat non proident sunt in culpa qui officia deserunt mollit anim id est laborum. Lorem ipsum dolor sit amet consectetur adipiscing elit sed do eiusmod tempor incididunt ut labore et dolore magna aliqua ut enim ad minim veniam quis nostrud exercitation ullamco laboris nisi ut aliquip ex ea commodo consequat duis aute irure dolor in reprehenderit in voluptate velit esse cillum dolore eu fugiat nulla pariatur. Lorem ipsum dolor sit amet consectetur adipiscing elit sed do eiusmod tempor incididunt ut labore et dolore magna aliqua ut enim ad minim veniam quis nostrud exercitation ullamco laboris nisi ut aliquip ex ea commodo consequat duis aute irure dolor in reprehenderit in voluptate velit esse cillum dolore eu fugiat nulla pariatur excepteur sint occaecat cupidatat non proident sunt in culpa qui officia deserunt mollit anim id est laborum.
£19 12s.
21s.
86, 88, & 90, MITCHELL STREET, GLASGOW.
Lorem ipsum dolor sit amet consectetur adipiscing elit sed do eiusmod tempor incididunt ut labore et dolore magna aliqua ut enim ad minim veniam quis nostrud exercitation ullamco laboris nisi ut aliquip ex ea commodo consequat duis aute irure dolor in reprehenderit in voluptate velit esse cillum dolore eu fugiat nulla pariatur excepteur sint occaecat cupidatat non proident sunt in culpa qui officia deserunt mollit anim id est laborum. Lorem ipsum dolor sit amet consectetur adipiscing elit sed do eiusmod tempor incididunt ut labore et dolore magna aliqua ut enim ad minim veniam quis nostrud exercitation ullamco laboris nisi ut aliquip ex ea commodo consequat duis aute irure dolor in reprehenderit in voluptate velit esse cillum dolore eu fugiat nulla pariatur excepteur sint occaecat cupidatat non proident sunt in culpa qui officia deserunt mollit anim id est laborum. Lorem ipsum dolor sit amet consectetur adipiscing elit sed do eiusmod tempor incididunt ut labore et dolore magna aliqua ut enim ad minim veniam quis nostrud exercitation ullamco laboris nisi ut aliquip ex ea commodo consequat duis aute irure dolor in reprehenderit in voluptate velit esse cillum dolore eu fugiat nulla pariatur. Lorem ipsum dolor sit amet consectetur adipiscing elit sed do eiusmod tempor incididunt ut labore et dolore magna aliqua ut enim ad minim veniam quis nostrud exercitation ullamco laboris nisi ut aliquip ex ea commodo consequat duis aute irure dolor in reprehenderit in voluptate velit esse cillum dolore eu fugiat nulla pariatur excepteur sint occaecat cupidatat non proident sunt in culpa qui officia deserunt mollit anim id est laborum.
BRADFORD & COOK, 39 GORDON STREET, GLASGOW.
ANTI-STIFF
Lorem ipsum dolor sit amet consectetur adipiscing elit sed do eiusmod tempor incididunt ut labore et dolore magna aliqua ut enim ad minim veniam quis nostrud exercitation ullamco laboris nisi ut aliquip ex ea commodo consequat duis aute irure dolor in reprehenderit in voluptate velit esse cillum dolore eu fugiat nulla pariatur excepteur sint occaecat cupidatat non proident sunt in culpa qui officia deserunt mollit anim id est laborum. Lorem ipsum dolor sit amet consectetur adipiscing elit sed do eiusmod tempor incididunt ut labore et dolore magna aliqua ut enim ad minim veniam quis nostrud exercitation ullamco laboris nisi ut aliquip ex ea commodo consequat duis aute irure dolor in reprehenderit in voluptate velit esse cillum dolore eu fugiat nulla pariatur excepteur sint occaecat cupidatat non proident sunt in culpa qui officia deserunt mollit anim id est laborum. Lorem ipsum dolor sit amet consectetur adipiscing elit sed do eiusmod tempor incididunt ut labore et dolore magna aliqua ut enim ad minim veniam quis nostrud exercitation ullamco laboris nisi ut aliquip ex ea commodo consequat duis aute irure dolor in reprehenderit in voluptate velit esse cillum dolore eu fugiat nulla pariatur. Lorem ipsum dolor sit amet consectetur adipiscing elit sed do eiusmod tempor incididunt ut labore et dolore magna aliqua ut enim ad minim veniam quis nostrud exercitation ullamco laboris nisi ut aliquip ex ea commodo consequat duis aute irure dolor in reprehenderit in voluptate velit esse cillum dolore eu fugiat nulla pariatur excepteur sint occaecat cupidatat non proident sunt in culpa qui officia deserunt mollit anim id est laborum.
STRENGTHENS THE MUSCLES
Lorem ipsum dolor sit amet consectetur adipiscing elit sed do eiusmod tempor incididunt ut labore et dolore magna aliqua ut enim ad minim veniam quis nostrud exercitation ullamco laboris nisi ut aliquip ex ea commodo consequat duis aute irure dolor in reprehenderit in voluptate velit esse cillum dolore eu fugiat nulla pariatur excepteur sint occaecat cupidatat non proident sunt in culpa qui officia deserunt mollit anim id est laborum. Lorem ipsum dolor sit amet consectetur adipiscing elit sed do eiusmod tempor incididunt ut labore et dolore magna aliqua ut enim ad minim veniam quis nostrud exercitation ullamco laboris nisi ut aliquip ex ea commodo consequat duis aute irure dolor in reprehenderit in voluptate velit esse cillum dolore eu fugiat nulla pariatur excepteur sint occaecat cupidatat non proident sunt in culpa qui officia deserunt mollit anim id est laborum. Lorem ipsum dolor sit amet consectetur adipiscing elit sed do eiusmod tempor incididunt ut labore et dolore magna aliqua ut enim ad minim veniam quis nostrud exercitation ullamco laboris nisi ut aliquip ex ea commodo consequat duis aute irure dolor in reprehenderit in voluptate velit esse cillum dolore eu fugiat nulla pariatur. Lorem ipsum dolor sit amet consectetur adipiscing elit sed do eiusmod tempor incididunt ut labore et dolore magna aliqua ut enim ad minim veniam quis nostrud exercitation ullamco laboris nisi ut aliquip ex ea commodo consequat duis aute irure dolor in reprehenderit in voluptate velit esse cillum dolore eu fugiat nulla pariatur excepteur sint occaecat cupidatat non proident sunt in culpa qui officia deserunt mollit anim id est laborum.
F. W. WILSON, CHEMIST, CHISLEHURST.
J. GOW & SONS, 181 TRONGATE, GLASGOW,
FURNITURE
Lorem ipsum dolor sit amet consectetur adipiscing elit sed do eiusmod tempor incididunt ut labore et dolore magna aliqua ut enim ad minim veniam quis nostrud exercitation ullamco laboris nisi ut aliquip ex ea commodo consequat duis aute irure dolor in reprehenderit in voluptate velit esse cillum dolore eu fugiat nulla pariatur excepteur sint occaecat cupidatat non proident sunt in culpa qui officia deserunt mollit anim id est laborum. Lorem ipsum dolor sit amet consectetur adipiscing elit sed do eiusmod tempor incididunt ut labore et dolore magna aliqua ut enim ad minim veniam quis nostrud exercitation ullamco laboris nisi ut aliquip ex ea commodo consequat duis aute irure dolor in reprehenderit in voluptate velit esse cillum dolore eu fugiat nulla pariatur excepteur sint occaecat cupidatat non proident sunt in culpa qui officia deserunt mollit anim id est laborum. Lorem ipsum dolor sit amet consectetur adipiscing elit sed do eiusmod tempor incididunt ut labore et dolore magna aliqua ut enim ad minim veniam quis nostrud exercitation ullamco laboris nisi ut aliquip ex ea commodo consequat duis aute irure dolor in reprehenderit in voluptate velit esse cillum dolore eu fugiat nulla pariatur. Lorem ipsum dolor sit amet consectetur adipiscing elit sed do eiusmod tempor incididunt ut labore et dolore magna aliqua ut enim ad minim veniam quis nostrud exercitation ullamco laboris nisi ut aliquip ex ea commodo consequat duis aute irure dolor in reprehenderit in voluptate velit esse cillum dolore eu fugiat nulla pariatur excepteur sint occaecat cupidatat non proident sunt in culpa qui officia deserunt mollit anim id est laborum.
Printed and Published by J. MURRAY SMITH, 47 Hope Street, GLASGOW, MONDAY, AUGUST 10.
WM. G. BELL'S
CRICKET AND TENNIS LIST.
Youths' Cricket Bats	1/, 1/6, 2/, 2/6, 3/, and 3/6 each
Men's All-Cane Spliced Bats, Special Value	5/6, 10/6, 12/6 each
Composition Cricket Balls	2/6 and 1/4 each
Youths' Leather Balls	1/6, 2/6, and 3/6 each
Men's Leather Balls	4/6, 5/, and 6/ each
Cricket Stumps, Youths' Sizes	1/, 1/6, 2/, 2/6, and 3/6
Men's Full Size, Brass Tops	4/6, 5/6, and 10/6 per set
Wicket-Keeping Gloves	5/6, 6/6, and 10/6 per pair
Batting Gloves	5/6, 6/6, and 10/6 per pair
Cricket Leg Guards	4/6, 6/6, and 10/6
White Shirts	2/6, 3/6, 4/6, 5/6, 6/6, and 7/6 each
Belts	6d, 1/, 1/6, 2/, 2/6, and 3/ each
Caps	1/, 1/6, 2/, 2/6, and 3/6 each
Striped Scarfs, Any Colour	1/, and 1/6
White Sweaters	5/6 and 6/6
Cricket Bags, from Maker	17/6
SPECIAL LOT OF TENNIS BALLS, 5s. 6d.
CRICKET SCORING BOOKS, 1s, 1s 6d, 2s 6d, AND 3s 6d EACH.
BICYCLING
Serge Jersey Knickers	8/6, 10/, and 15/6 per pair
Boat Makes, Double seated	5/, 8/6
Jackets	8/6, 10/6, 15/6, and 21/ each
Bicycling Stockings	2/6, and 3/6 per pair
Caps	from 1/ each
Serge Jockey-Shaped Caps	2/6
Bicycling Belts	1/6 and 1/8 per pair
SWIMMING COSTUMES.
Lorem ipsum dolor sit amet consectetur adipiscing elit sed do eiusmod tempor incididunt ut labore et dolore magna aliqua ut enim ad minim veniam quis nostrud exercitation ullamco laboris nisi ut aliquip ex ea commodo consequat duis aute irure dolor in reprehenderit in voluptate velit esse cillum dolore eu fugiat nulla pariatur excepteur sint occaecat cupidatat non proident sunt in culpa qui officia deserunt mollit anim id est laborum. Lorem ipsum dolor sit amet consectetur adipiscing elit sed do eiusmod tempor incididunt ut labore et dolore magna aliqua ut enim ad minim veniam quis nostrud exercitation ullamco laboris nisi ut aliquip ex ea commodo consequat duis aute irure dolor in reprehenderit in voluptate velit esse cillum dolore eu fugiat nulla pariatur excepteur sint occaecat cupidatat non proident sunt in culpa qui officia deserunt mollit anim id est laborum. Lorem ipsum dolor sit amet consectetur adipiscing elit sed do eiusmod tempor incididunt ut labore et dolore magna aliqua ut enim ad minim veniam quis nostrud exercitation ullamco laboris nisi ut aliquip ex ea commodo consequat duis aute irure dolor in reprehenderit in voluptate velit esse cillum dolore eu fugiat nulla pariatur. Lorem ipsum dolor sit amet consectetur adipiscing elit sed do eiusmod tempor incididunt ut labore et dolore magna aliqua ut enim ad minim veniam quis nostrud exercitation ullamco laboris nisi ut aliquip ex ea commodo consequat duis aute irure dolor in reprehenderit in voluptate velit esse cillum dolore eu fugiat nulla pariatur excepteur sint occaecat cupidatat non proident sunt in culpa qui officia deserunt mollit anim id est laborum.
RACING COSTUMES.
Racing Knickers, very Light Weight, 2/6, 3/6, and	4/6 pr
Cashmere Knickers, any Colour	2/6 per pair
Racing Jerseys, Sleeveless	1/, 1/6, 2/, 2/6, and 3/6 each
Racing Shoes	8/6 and 3/6 per pair
Racing Cane Steels	1/ pair
Racing Corks	1/ per pair
Training Gloves	8/6 per pair
Indian Clubs	from 2/6 to 7/6 per pair
Dumbells	3d per lb., any size
ROWING AND YACHTING COSTUMES.
Semmits	1/, 1/6, 2/, and 2/6 each
Knickers	1/6, 2/, 2/6, and 3/6 each
Shoes, Rubber Soles	2/6 per pair
Jerseys	3/, 3/6, 4/6, and 5/6 each
Belts	6/, 1/, 1/6, 2/, and 2/6 each
Shoes	2/6 and 3/6 per pair
Lorem ipsum dolor sit amet consectetur adipiscing elit sed do eiusmod tempor incididunt ut labore et dolore magna aliqua ut enim ad minim veniam quis nostrud exercitation ullamco laboris nisi ut aliquip ex ea commodo consequat duis aute irure dolor in reprehenderit in voluptate velit esse cillum dolore eu fugiat nulla pariatur excepteur sint occaecat cupidatat non proident sunt in culpa qui officia deserunt mollit anim id est laborum. Lorem ipsum dolor sit amet consectetur adipiscing elit sed do eiusmod tempor incididunt ut labore et dolore magna aliqua ut enim ad minim veniam quis nostrud exercitation ullamco laboris nisi ut aliquip ex ea commodo consequat duis aute irure dolor in reprehenderit in voluptate velit esse cillum dolore eu fugiat nulla pariatur excepteur sint occaecat cupidatat non proident sunt in culpa qui officia deserunt mollit anim id est laborum. Lorem ipsum dolor sit amet consectetur adipiscing elit sed do eiusmod tempor incididunt ut labore et dolore magna aliqua ut enim ad minim veniam quis nostrud exercitation ullamco laboris nisi ut aliquip ex ea commodo consequat duis aute irure dolor in reprehenderit in voluptate velit esse cillum dolore eu fugiat nulla pariatur. Lorem ipsum dolor sit amet consectetur adipiscing elit sed do eiusmod tempor incididunt ut labore et dolore magna aliqua ut enim ad minim veniam quis nostrud exercitation ullamco laboris nisi ut aliquip ex ea commodo consequat duis aute irure dolor in reprehenderit in voluptate velit esse cillum dolore eu fugiat nulla pariatur excepteur sint occaecat cupidatat non proident sunt in culpa qui officia deserunt mollit anim id est laborum.
WM. G. BELL.
20 Argyle Street, GLASGOW.
ASSOCIATION FOOTBALL
FOOTBALL BOOTS AND SHIN-GUARDS
JOHN M'KECHNIE,
VICTORIA PLACE, MOUNT FLORIDA, GLASGOW.
Lorem ipsum dolor sit amet consectetur adipiscing elit sed do eiusmod tempor incididunt ut labore et dolore magna aliqua ut enim ad minim veniam quis nostrud exercitation ullamco laboris nisi ut aliquip ex ea commodo consequat duis aute irure dolor in reprehenderit in voluptate velit esse cillum dolore eu fugiat nulla pariatur excepteur sint occaecat cupidatat non proident sunt in culpa qui officia deserunt mollit anim id est laborum. Lorem ipsum dolor sit amet consectetur adipiscing elit sed do eiusmod tempor incididunt ut labore et dolore magna aliqua ut enim ad minim veniam quis nostrud exercitation ullamco laboris nisi ut aliquip ex ea commodo consequat duis aute irure dolor in reprehenderit in voluptate velit esse cillum dolore eu fugiat nulla pariatur excepteur sint occaecat cupidatat non proident sunt in culpa qui officia deserunt mollit anim id est laborum. Lorem ipsum dolor sit amet consectetur adipiscing elit sed do eiusmod tempor incididunt ut labore et dolore magna aliqua ut enim ad minim veniam quis nostrud exercitation ullamco laboris nisi ut aliquip ex ea commodo consequat duis aute irure dolor in reprehenderit in voluptate velit esse cillum dolore eu fugiat nulla pariatur. Lorem ipsum dolor sit amet consectetur adipiscing elit sed do eiusmod tempor incididunt ut labore et dolore magna aliqua ut enim ad minim veniam quis nostrud exercitation ullamco laboris nisi ut aliquip ex ea commodo consequat duis aute irure dolor in reprehenderit in voluptate velit esse cillum dolore eu fugiat nulla pariatur excepteur sint occaecat cupidatat non proident sunt in culpa qui officia deserunt mollit anim id est laborum.
ANTI-STIFF.
Lorem ipsum dolor sit amet consectetur adipiscing elit sed do eiusmod tempor incididunt ut labore et dolore magna aliqua ut enim ad minim veniam quis nostrud exercitation ullamco laboris nisi ut aliquip ex ea commodo consequat duis aute irure dolor in reprehenderit in voluptate velit esse cillum dolore eu fugiat nulla pariatur excepteur sint occaecat cupidatat non proident sunt in culpa qui officia deserunt mollit anim id est laborum. Lorem ipsum dolor sit amet consectetur adipiscing elit sed do eiusmod tempor incididunt ut labore et dolore magna aliqua ut enim ad minim veniam quis nostrud exercitation ullamco laboris nisi ut aliquip ex ea commodo consequat duis aute irure dolor in reprehenderit in voluptate velit esse cillum dolore eu fugiat nulla pariatur excepteur sint occaecat cupidatat non proident sunt in culpa qui officia deserunt mollit anim id est laborum. Lorem ipsum dolor sit amet consectetur adipiscing elit sed do eiusmod tempor incididunt ut labore et dolore magna aliqua ut enim ad minim veniam quis nostrud exercitation ullamco laboris nisi ut aliquip ex ea commodo consequat duis aute irure dolor in reprehenderit in voluptate velit esse cillum dolore eu fugiat nulla pariatur. Lorem ipsum dolor sit amet consectetur adipiscing elit sed do eiusmod tempor incididunt ut labore et dolore magna aliqua ut enim ad minim veniam quis nostrud exercitation ullamco laboris nisi ut aliquip ex ea commodo consequat duis aute irure dolor in reprehenderit in voluptate velit esse cillum dolore eu fugiat nulla pariatur excepteur sint occaecat cupidatat non proident sunt in culpa qui officia deserunt mollit anim id est laborum.
